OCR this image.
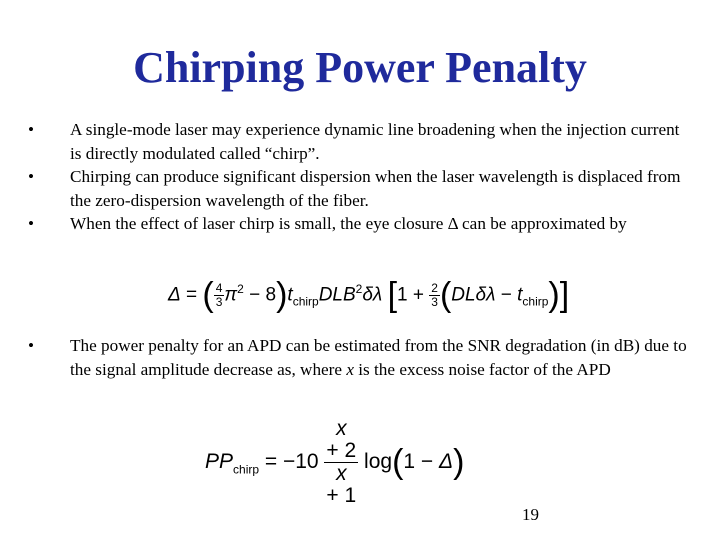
Chirping Power Penalty
• A single-mode laser may experience dynamic line broadening when the injection current is directly modulated called “chirp”.
• Chirping can produce significant dispersion when the laser wavelength is displaced from the zero-dispersion wavelength of the fiber.
• When the effect of laser chirp is small, the eye closure Δ can be approximated by
Δ = ( $\frac{4}{3} \pi^2 - 8)t_{chirp}DLB^2\delta\lambda$ $[1 + \frac{2}{3} (DL\delta\lambda - t_{chirp})]$
• The power penalty for an APD can be estimated from the SNR degradation (in dB) due to the signal amplitude decrease as, where x is the excess noise factor of the APD
$PP_{chirp} = -10$ x
+ 2
x
+ 1 log(1 − Δ)
19
